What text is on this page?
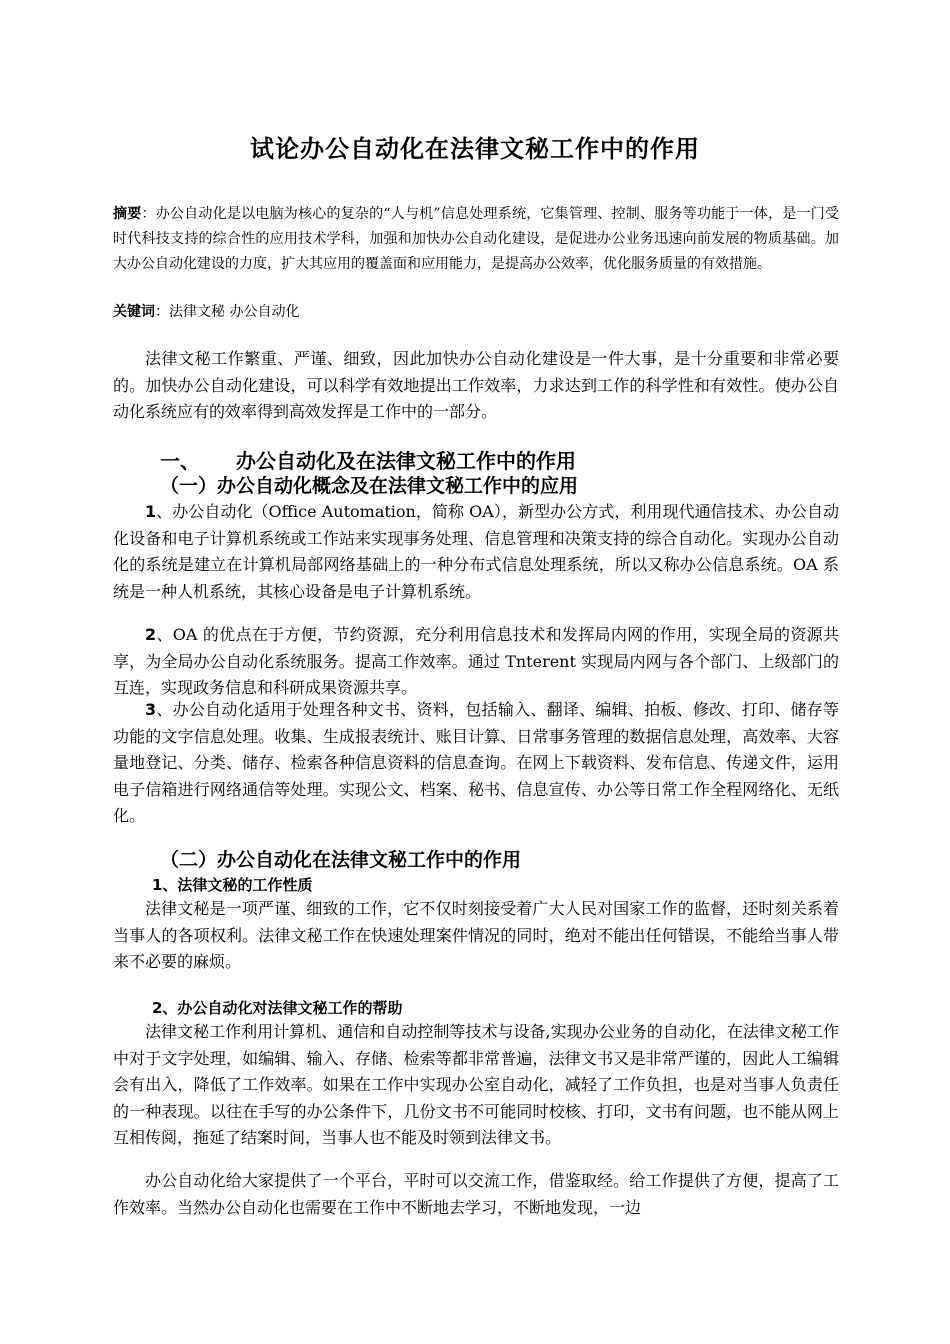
试论办公自动化在法律文秘工作中的作用

摘要：办公自动化是以电脑为核心的复杂的“人与机”信息处理系统，它集管理、控制、服务等功能于一体，是一门受时代科技支持的综合性的应用技术学科，加强和加快办公自动化建设，是促进办公业务迅速向前发展的物质基础。加大办公自动化建设的力度，扩大其应用的覆盖面和应用能力，是提高办公效率，优化服务质量的有效措施。

关键词：法律文秘 办公自动化

法律文秘工作繁重、严谨、细致，因此加快办公自动化建设是一件大事，是十分重要和非常必要的。加快办公自动化建设，可以科学有效地提出工作效率，力求达到工作的科学性和有效性。使办公自动化系统应有的效率得到高效发挥是工作中的一部分。

一、 办公自动化及在法律文秘工作中的作用
（一）办公自动化概念及在法律文秘工作中的应用

1、办公自动化（Office Automation，简称 OA），新型办公方式，利用现代通信技术、办公自动化设备和电子计算机系统或工作站来实现事务处理、信息管理和决策支持的综合自动化。实现办公自动化的系统是建立在计算机局部网络基础上的一种分布式信息处理系统，所以又称办公信息系统。OA 系统是一种人机系统，其核心设备是电子计算机系统。

2、OA 的优点在于方便，节约资源，充分利用信息技术和发挥局内网的作用，实现全局的资源共享，为全局办公自动化系统服务。提高工作效率。通过 Tnterent 实现局内网与各个部门、上级部门的互连，实现政务信息和科研成果资源共享。

3、办公自动化适用于处理各种文书、资料，包括输入、翻译、编辑、拍板、修改、打印、储存等功能的文字信息处理。收集、生成报表统计、账目计算、日常事务管理的数据信息处理，高效率、大容量地登记、分类、储存、检索各种信息资料的信息查询。在网上下载资料、发布信息、传递文件，运用电子信箱进行网络通信等处理。实现公文、档案、秘书、信息宣传、办公等日常工作全程网络化、无纸化。

（二）办公自动化在法律文秘工作中的作用
1、法律文秘的工作性质

法律文秘是一项严谨、细致的工作，它不仅时刻接受着广大人民对国家工作的监督，还时刻关系着当事人的各项权利。法律文秘工作在快速处理案件情况的同时，绝对不能出任何错误，不能给当事人带来不必要的麻烦。

2、办公自动化对法律文秘工作的帮助

法律文秘工作利用计算机、通信和自动控制等技术与设备,实现办公业务的自动化，在法律文秘工作中对于文字处理，如编辑、输入、存储、检索等都非常普遍，法律文书又是非常严谨的，因此人工编辑会有出入，降低了工作效率。如果在工作中实现办公室自动化，减轻了工作负担，也是对当事人负责任的一种表现。以往在手写的办公条件下，几份文书不可能同时校核、打印，文书有问题，也不能从网上互相传阅，拖延了结案时间，当事人也不能及时领到法律文书。

办公自动化给大家提供了一个平台，平时可以交流工作，借鉴取经。给工作提供了方便，提高了工作效率。当然办公自动化也需要在工作中不断地去学习，不断地发现，一边
